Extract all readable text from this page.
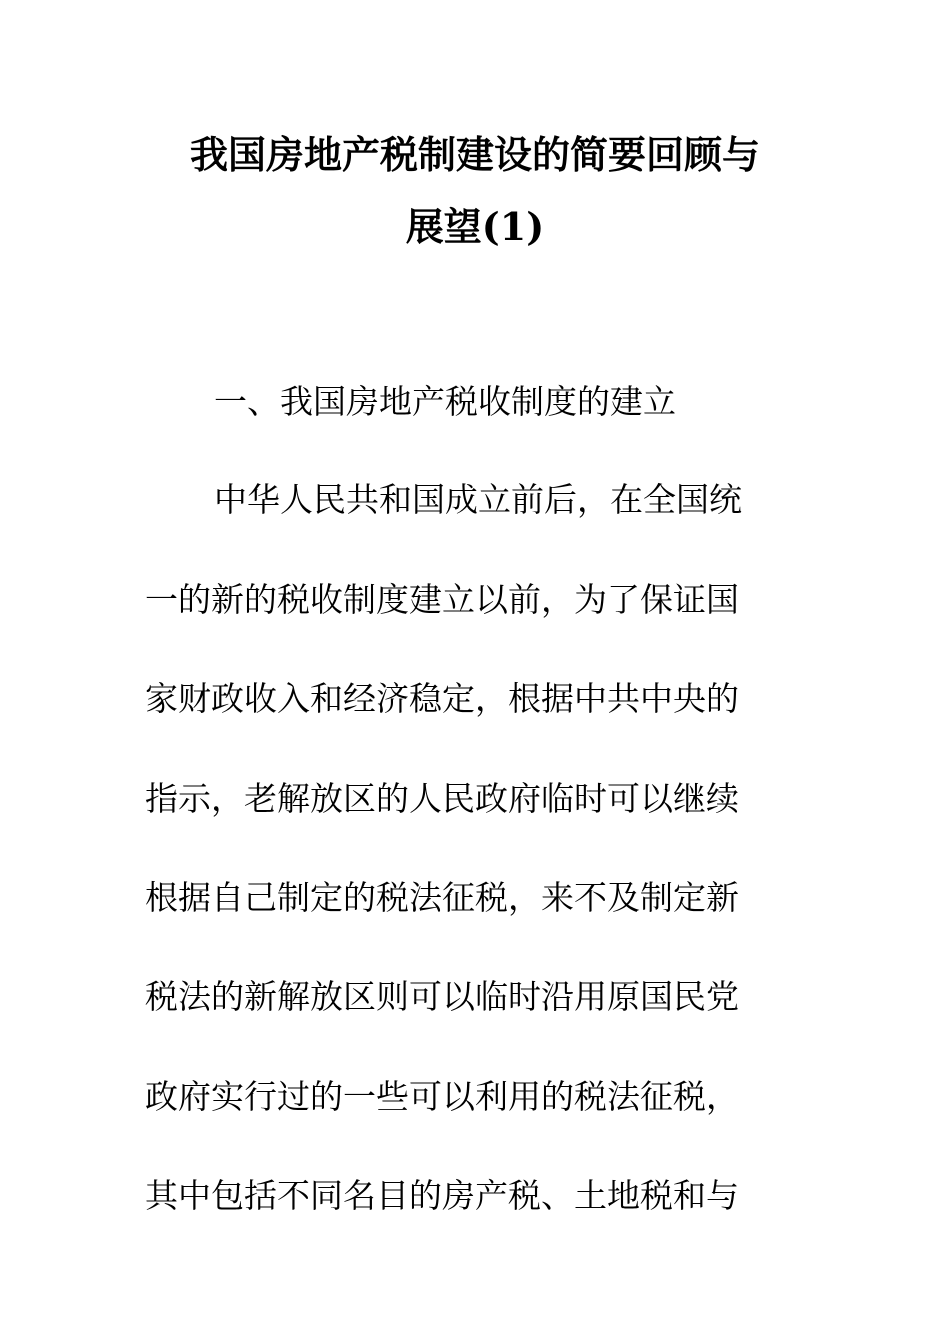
我国房地产税制建设的简要回顾与
展望(1)
一、我国房地产税收制度的建立
中华人民共和国成立前后，在全国统
一的新的税收制度建立以前，为了保证国
家财政收入和经济稳定，根据中共中央的
指示，老解放区的人民政府临时可以继续
根据自己制定的税法征税，来不及制定新
税法的新解放区则可以临时沿用原国民党
政府实行过的一些可以利用的税法征税，
其中包括不同名目的房产税、土地税和与
